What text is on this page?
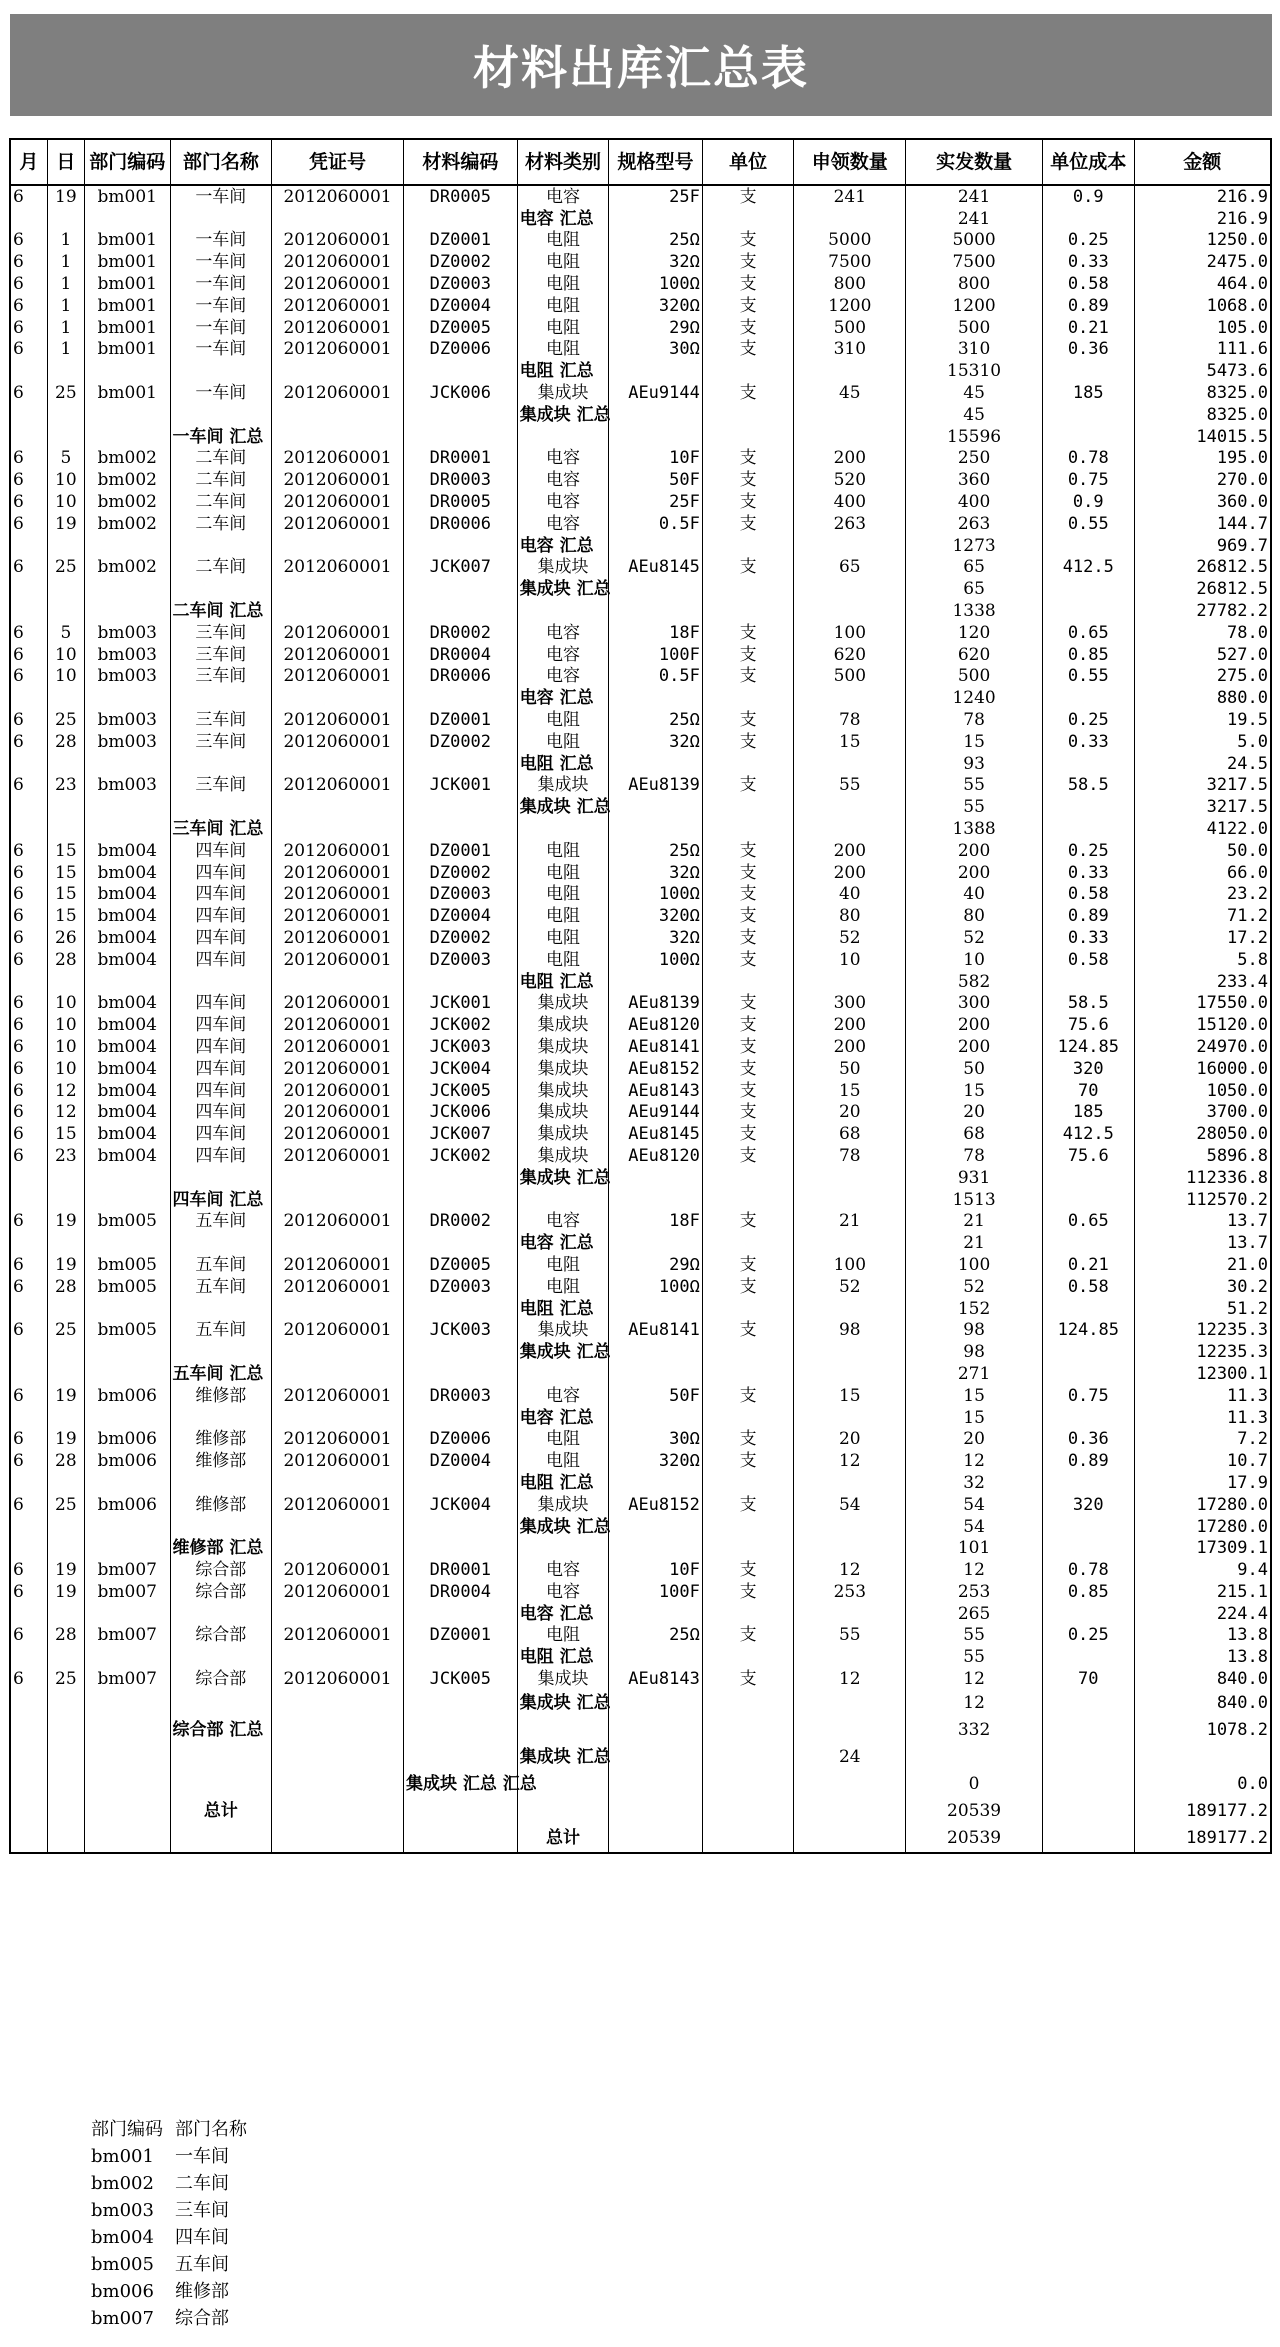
材料出库汇总表
月	日	部门编码	部门名称	凭证号	材料编码	材料类别	规格型号	单位	申领数量	实发数量	单位成本	金额
6	19	bm001	一车间	2012060001	DR0005	电容	25F	支	241	241	0.9	216.9
						电容 汇总				241		216.9
6	1	bm001	一车间	2012060001	DZ0001	电阻	25Ω	支	5000	5000	0.25	1250.0
6	1	bm001	一车间	2012060001	DZ0002	电阻	32Ω	支	7500	7500	0.33	2475.0
6	1	bm001	一车间	2012060001	DZ0003	电阻	100Ω	支	800	800	0.58	464.0
6	1	bm001	一车间	2012060001	DZ0004	电阻	320Ω	支	1200	1200	0.89	1068.0
6	1	bm001	一车间	2012060001	DZ0005	电阻	29Ω	支	500	500	0.21	105.0
6	1	bm001	一车间	2012060001	DZ0006	电阻	30Ω	支	310	310	0.36	111.6
						电阻 汇总				15310		5473.6
6	25	bm001	一车间	2012060001	JCK006	集成块	AEu9144	支	45	45	185	8325.0
						集成块 汇总				45		8325.0
			一车间 汇总							15596		14015.5
6	5	bm002	二车间	2012060001	DR0001	电容	10F	支	200	250	0.78	195.0
6	10	bm002	二车间	2012060001	DR0003	电容	50F	支	520	360	0.75	270.0
6	10	bm002	二车间	2012060001	DR0005	电容	25F	支	400	400	0.9	360.0
6	19	bm002	二车间	2012060001	DR0006	电容	0.5F	支	263	263	0.55	144.7
						电容 汇总				1273		969.7
6	25	bm002	二车间	2012060001	JCK007	集成块	AEu8145	支	65	65	412.5	26812.5
						集成块 汇总				65		26812.5
			二车间 汇总							1338		27782.2
6	5	bm003	三车间	2012060001	DR0002	电容	18F	支	100	120	0.65	78.0
6	10	bm003	三车间	2012060001	DR0004	电容	100F	支	620	620	0.85	527.0
6	10	bm003	三车间	2012060001	DR0006	电容	0.5F	支	500	500	0.55	275.0
						电容 汇总				1240		880.0
6	25	bm003	三车间	2012060001	DZ0001	电阻	25Ω	支	78	78	0.25	19.5
6	28	bm003	三车间	2012060001	DZ0002	电阻	32Ω	支	15	15	0.33	5.0
						电阻 汇总				93		24.5
6	23	bm003	三车间	2012060001	JCK001	集成块	AEu8139	支	55	55	58.5	3217.5
						集成块 汇总				55		3217.5
			三车间 汇总							1388		4122.0
6	15	bm004	四车间	2012060001	DZ0001	电阻	25Ω	支	200	200	0.25	50.0
6	15	bm004	四车间	2012060001	DZ0002	电阻	32Ω	支	200	200	0.33	66.0
6	15	bm004	四车间	2012060001	DZ0003	电阻	100Ω	支	40	40	0.58	23.2
6	15	bm004	四车间	2012060001	DZ0004	电阻	320Ω	支	80	80	0.89	71.2
6	26	bm004	四车间	2012060001	DZ0002	电阻	32Ω	支	52	52	0.33	17.2
6	28	bm004	四车间	2012060001	DZ0003	电阻	100Ω	支	10	10	0.58	5.8
						电阻 汇总				582		233.4
6	10	bm004	四车间	2012060001	JCK001	集成块	AEu8139	支	300	300	58.5	17550.0
6	10	bm004	四车间	2012060001	JCK002	集成块	AEu8120	支	200	200	75.6	15120.0
6	10	bm004	四车间	2012060001	JCK003	集成块	AEu8141	支	200	200	124.85	24970.0
6	10	bm004	四车间	2012060001	JCK004	集成块	AEu8152	支	50	50	320	16000.0
6	12	bm004	四车间	2012060001	JCK005	集成块	AEu8143	支	15	15	70	1050.0
6	12	bm004	四车间	2012060001	JCK006	集成块	AEu9144	支	20	20	185	3700.0
6	15	bm004	四车间	2012060001	JCK007	集成块	AEu8145	支	68	68	412.5	28050.0
6	23	bm004	四车间	2012060001	JCK002	集成块	AEu8120	支	78	78	75.6	5896.8
						集成块 汇总				931		112336.8
			四车间 汇总							1513		112570.2
6	19	bm005	五车间	2012060001	DR0002	电容	18F	支	21	21	0.65	13.7
						电容 汇总				21		13.7
6	19	bm005	五车间	2012060001	DZ0005	电阻	29Ω	支	100	100	0.21	21.0
6	28	bm005	五车间	2012060001	DZ0003	电阻	100Ω	支	52	52	0.58	30.2
						电阻 汇总				152		51.2
6	25	bm005	五车间	2012060001	JCK003	集成块	AEu8141	支	98	98	124.85	12235.3
						集成块 汇总				98		12235.3
			五车间 汇总							271		12300.1
6	19	bm006	维修部	2012060001	DR0003	电容	50F	支	15	15	0.75	11.3
						电容 汇总				15		11.3
6	19	bm006	维修部	2012060001	DZ0006	电阻	30Ω	支	20	20	0.36	7.2
6	28	bm006	维修部	2012060001	DZ0004	电阻	320Ω	支	12	12	0.89	10.7
						电阻 汇总				32		17.9
6	25	bm006	维修部	2012060001	JCK004	集成块	AEu8152	支	54	54	320	17280.0
						集成块 汇总				54		17280.0
			维修部 汇总							101		17309.1
6	19	bm007	综合部	2012060001	DR0001	电容	10F	支	12	12	0.78	9.4
6	19	bm007	综合部	2012060001	DR0004	电容	100F	支	253	253	0.85	215.1
						电容 汇总				265		224.4
6	28	bm007	综合部	2012060001	DZ0001	电阻	25Ω	支	55	55	0.25	13.8
						电阻 汇总				55		13.8
6	25	bm007	综合部	2012060001	JCK005	集成块	AEu8143	支	12	12	70	840.0
						集成块 汇总				12		840.0
			综合部 汇总							332		1078.2
						集成块 汇总			24			
					集成块 汇总 汇总					0		0.0
			总计							20539		189177.2
						总计				20539		189177.2
部门编码 部门名称
bm001	一车间
bm002	二车间
bm003	三车间
bm004	四车间
bm005	五车间
bm006	维修部
bm007	综合部
